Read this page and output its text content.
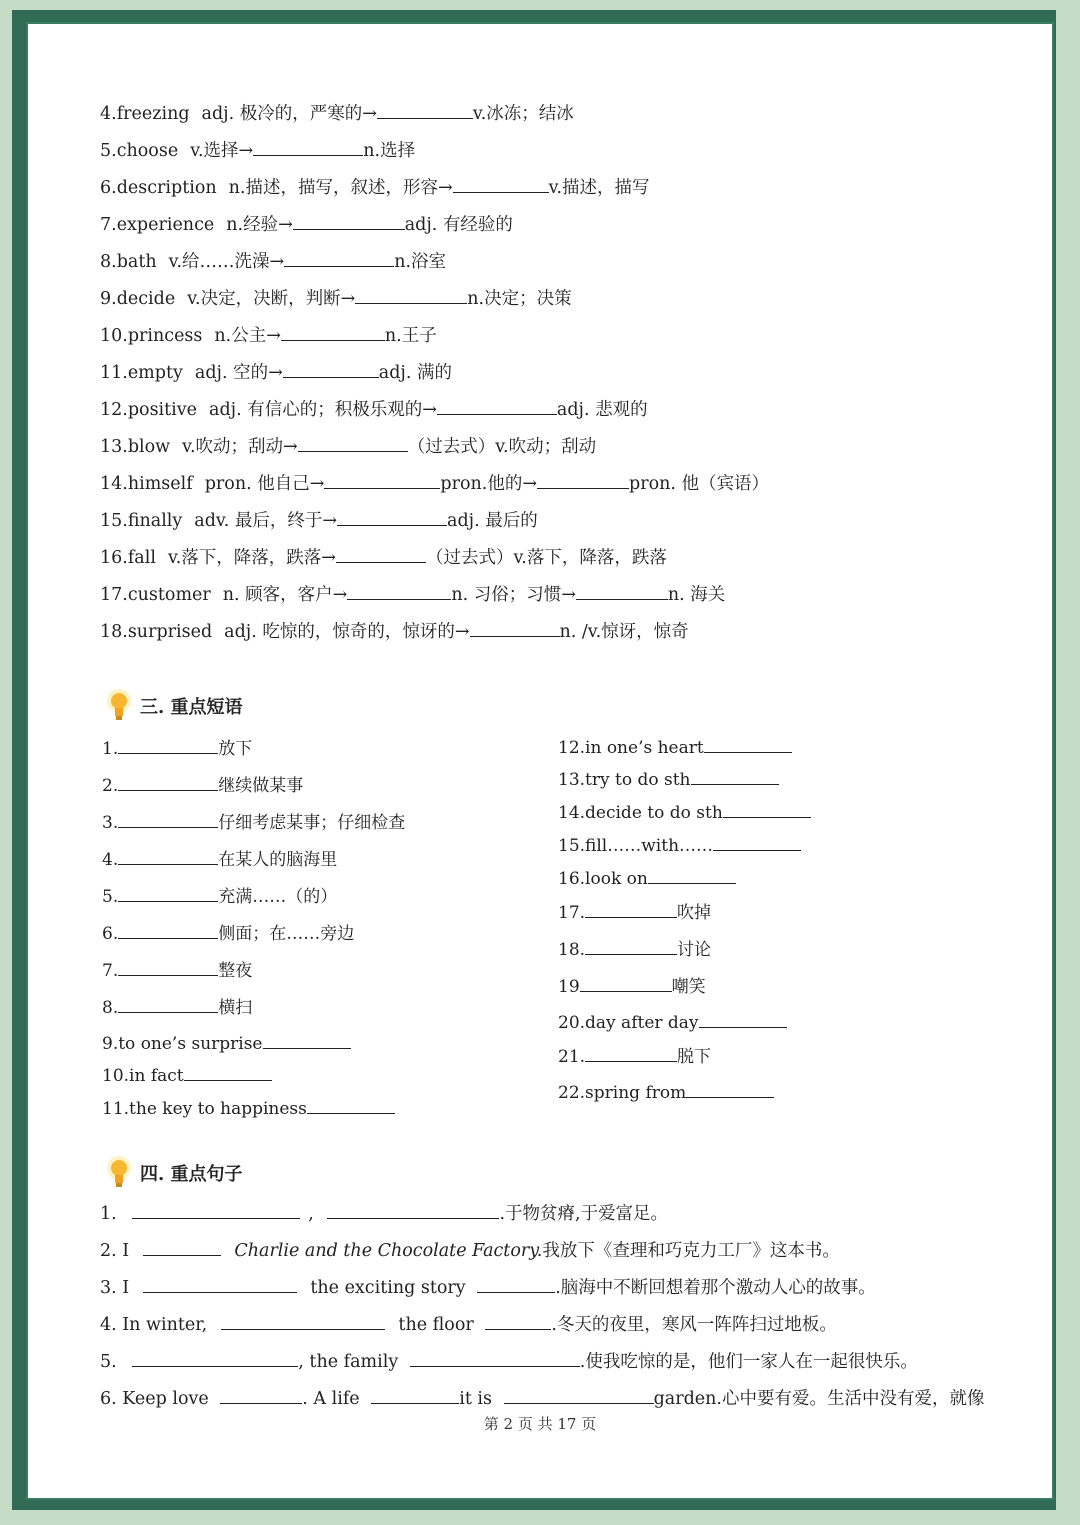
4.freezing adj. 极冷的，严寒的→	v.冰冻；结冰
5.choose v.选择→	n.选择
6.description n.描述，描写，叙述，形容→	v.描述，描写
7.experience n.经验→	adj. 有经验的
8.bath v.给……洗澡→	n.浴室
9.decide v.决定，决断，判断→	n.决定；决策
10.princess n.公主→	n.王子
11.empty adj. 空的→	adj. 满的
12.positive adj. 有信心的；积极乐观的→	adj. 悲观的
13.blow v.吹动；刮动→	（过去式）v.吹动；刮动
14.himself pron. 他自己→	pron.他的→	pron. 他（宾语）
15.finally adv. 最后，终于→	adj. 最后的
16.fall v.落下，降落，跌落→	（过去式）v.落下，降落，跌落
17.customer n. 顾客，客户→	n. 习俗；习惯→	n. 海关
18.surprised adj. 吃惊的，惊奇的，惊讶的→	n. /v.惊讶，惊奇
三. 重点短语
1.	放下
2.	继续做某事
3.	仔细考虑某事；仔细检查
4.	在某人的脑海里
5.	充满……（的）
6.	侧面；在……旁边
7.	整夜
8.	横扫
9.to one’s surprise
10.in fact
11.the key to happiness
12.in one’s heart
13.try to do sth
14.decide to do sth
15.fill……with……
16.look on
17.	吹掉
18.	讨论
19	嘲笑
20.day after day
21.	脱下
22.spring from
四. 重点句子
1.	,	.于物贫瘠,于爱富足。
2. I	Charlie and the Chocolate Factory.我放下《查理和巧克力工厂》这本书。
3. I	the exciting story	.脑海中不断回想着那个激动人心的故事。
4. In winter,	the floor	.冬天的夜里，寒风一阵阵扫过地板。
5.	, the family	.使我吃惊的是，他们一家人在一起很快乐。
6. Keep love	. A life	it is	garden.心中要有爱。生活中没有爱，就像
第 2 页 共 17 页
